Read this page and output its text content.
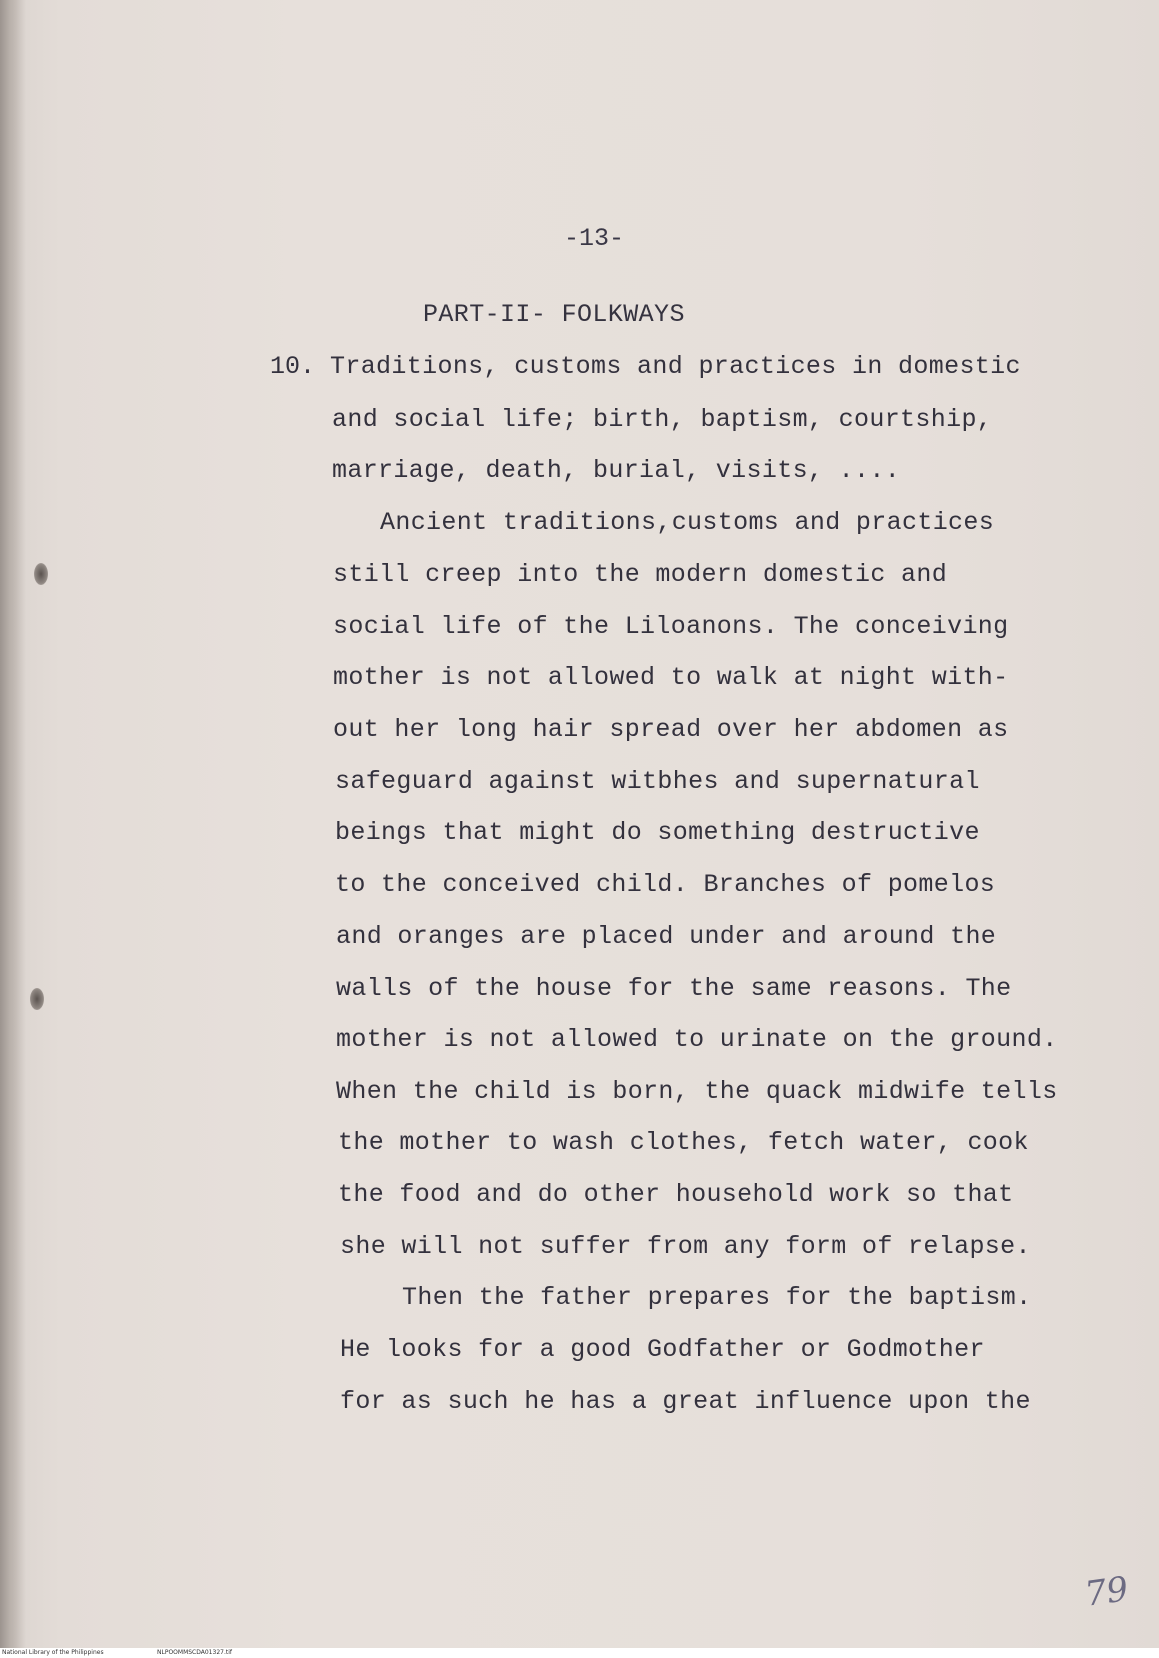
-13-
PART-II- FOLKWAYS
10. Traditions, customs and practices in domestic
and social life; birth, baptism, courtship,
marriage, death, burial, visits, ....
Ancient traditions,customs and practices
still creep into the modern domestic and
social life of the Liloanons. The conceiving
mother is not allowed to walk at night with-
out her long hair spread over her abdomen as
safeguard against witbhes and supernatural
beings that might do something destructive
to the conceived child. Branches of pomelos
and oranges are placed under and around the
walls of the house for the same reasons. The
mother is not allowed to urinate on the ground.
When the child is born, the quack midwife tells
the mother to wash clothes, fetch water, cook
the food and do other household work so that
she will not suffer from any form of relapse.
Then the father prepares for the baptism.
He looks for a good Godfather or Godmother
for as such he has a great influence upon the
79
National Library of the Philippines	NLPOOMMSCDA01327.tif
